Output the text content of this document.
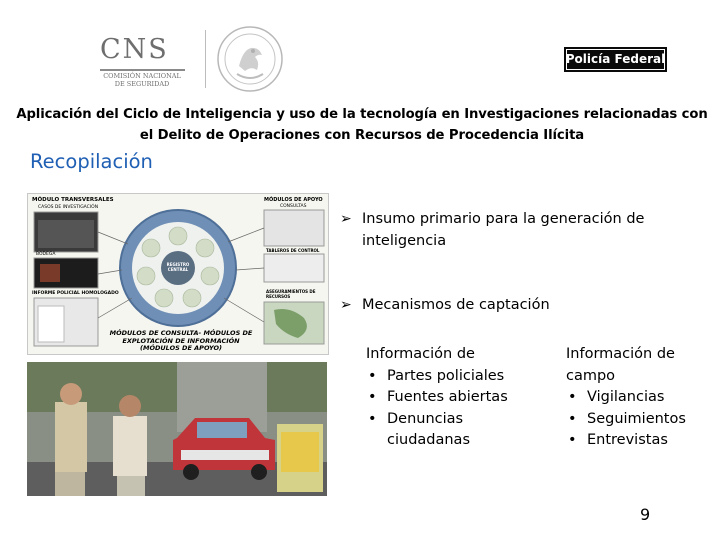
CNS
COMISIÓN NACIONAL
DE SEGURIDAD
Policía Federal
Aplicación del Ciclo de Inteligencia y uso de la tecnología en Investigaciones relacionadas con
el Delito de Operaciones con Recursos de Procedencia Ilícita
Recopilación
MÓDULO TRANSVERSALES
CASOS DE INVESTIGACIÓN
BODEGA
INFORME POLICIAL HOMOLOGADO
MÓDULOS DE APOYO
CONSULTAS
TABLEROS DE CONTROL
ASEGURAMIENTOS DE RECURSOS
REGISTRO CENTRAL
MÓDULOS DE CONSULTA- MÓDULOS DE
EXPLOTACIÓN DE INFORMACIÓN
(MÓDULOS DE APOYO)
➢ Insumo primario para la generación de inteligencia
➢ Mecanismos de captación
Información de
• Partes policiales
• Fuentes abiertas
• Denuncias ciudadanas
Información de campo
• Vigilancias
• Seguimientos
• Entrevistas
9
